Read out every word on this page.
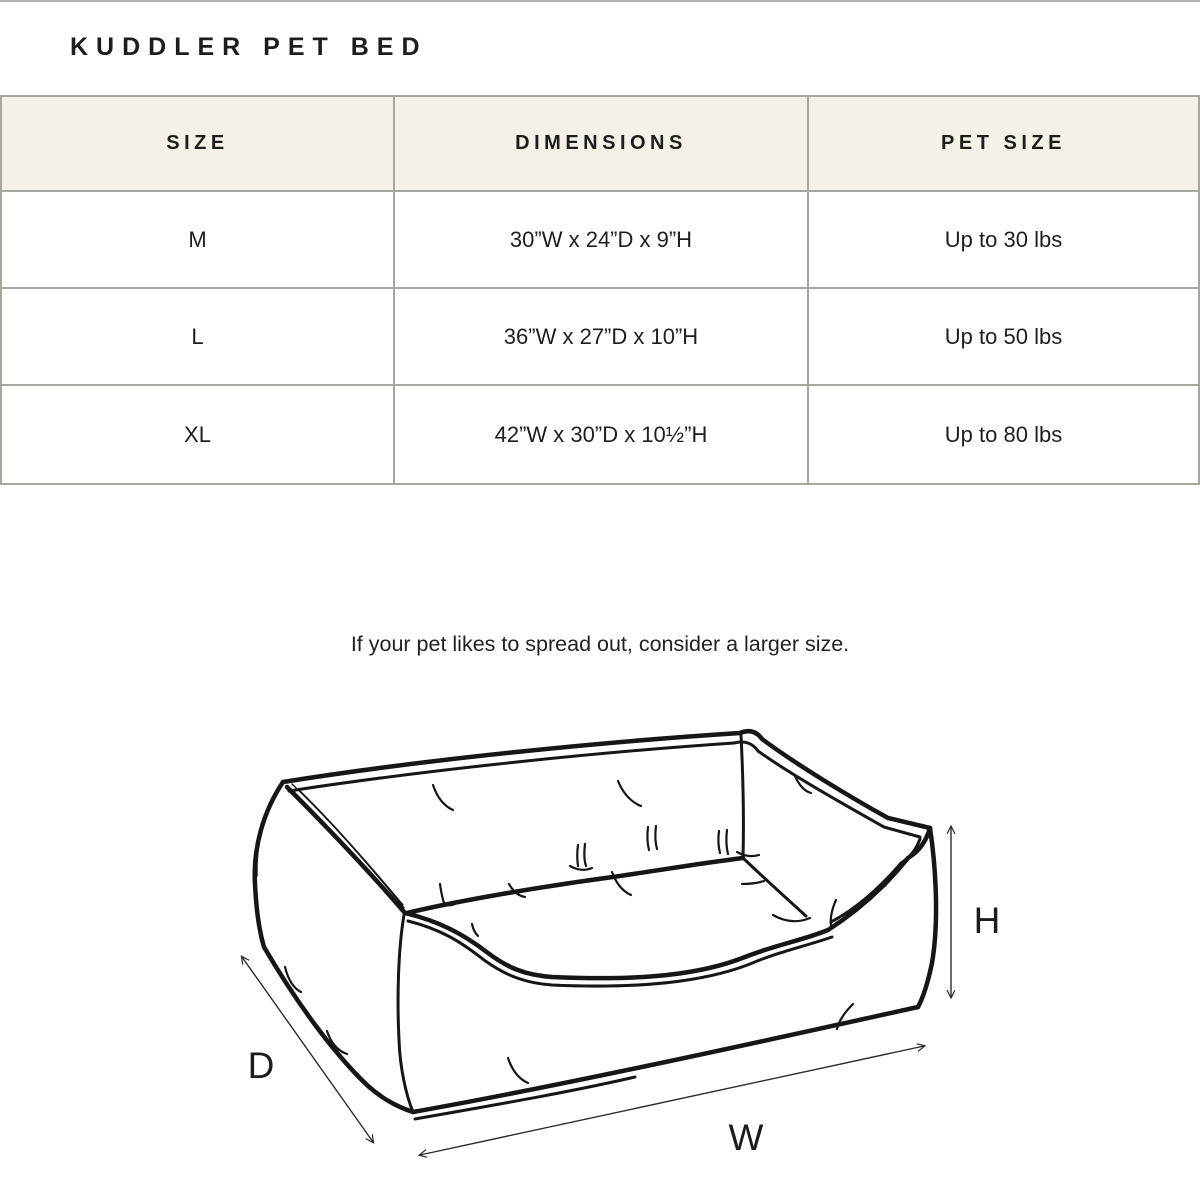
KUDDLER PET BED
SIZE	DIMENSIONS	PET SIZE
M	30”W x 24”D x 9”H	Up to 30 lbs
L	36”W x 27”D x 10”H	Up to 50 lbs
XL	42”W x 30”D x 10½”H	Up to 80 lbs

If your pet likes to spread out, consider a larger size.

D
W
H
